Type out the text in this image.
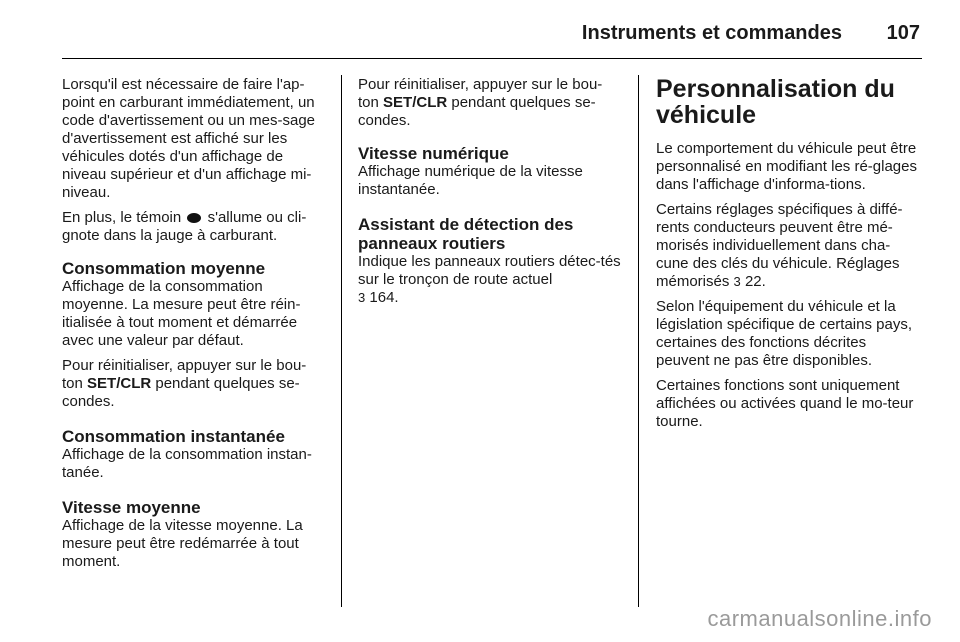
Instruments et commandes 107

Lorsqu'il est nécessaire de faire l'ap-point en carburant immédiatement, un code d'avertissement ou un mes-sage d'avertissement est affiché sur les véhicules dotés d'un affichage de niveau supérieur et d'un affichage mi-niveau.

En plus, le témoin s'allume ou cli-gnote dans la jauge à carburant.

Consommation moyenne

Affichage de la consommation moyenne. La mesure peut être réin-itialisée à tout moment et démarrée avec une valeur par défaut.

Pour réinitialiser, appuyer sur le bou-ton SET/CLR pendant quelques se-condes.

Consommation instantanée

Affichage de la consommation instan-tanée.

Vitesse moyenne

Affichage de la vitesse moyenne. La mesure peut être redémarrée à tout moment.

Pour réinitialiser, appuyer sur le bou-ton SET/CLR pendant quelques se-condes.

Vitesse numérique

Affichage numérique de la vitesse instantanée.

Assistant de détection des panneaux routiers

Indique les panneaux routiers détec-tés sur le tronçon de route actuel
3 164.

Personnalisation du véhicule

Le comportement du véhicule peut être personnalisé en modifiant les ré-glages dans l'affichage d'informa-tions.

Certains réglages spécifiques à diffé-rents conducteurs peuvent être mé-morisés individuellement dans cha-cune des clés du véhicule. Réglages mémorisés 3 22.

Selon l'équipement du véhicule et la législation spécifique de certains pays, certaines des fonctions décrites peuvent ne pas être disponibles.

Certaines fonctions sont uniquement affichées ou activées quand le mo-teur tourne.

carmanualsonline.info
